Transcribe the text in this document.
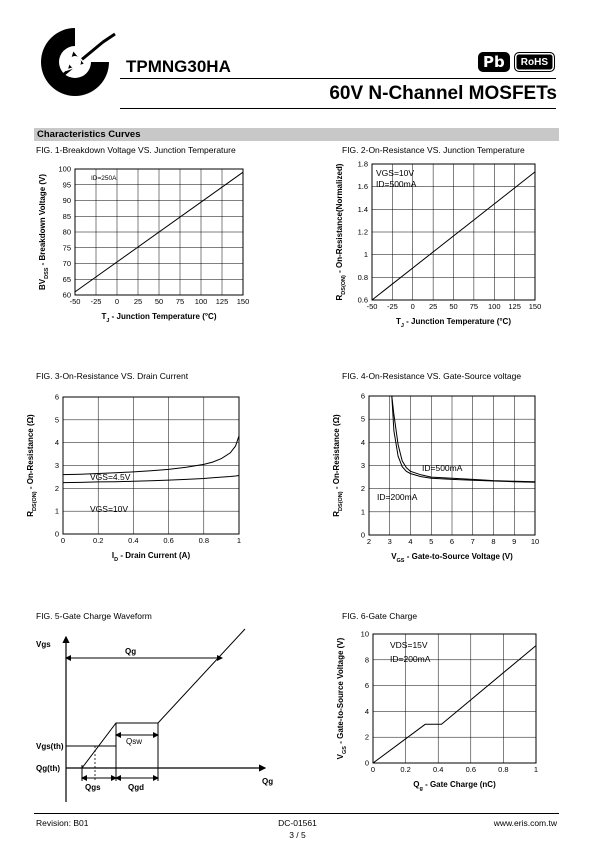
TPMNG30HA	Pb	RoHS
60V N-Channel MOSFETs
Characteristics Curves
FIG. 1-Breakdown Voltage VS. Junction Temperature	FIG. 2-On-Resistance VS. Junction Temperature
FIG. 3-On-Resistance VS. Drain Current	FIG. 4-On-Resistance VS. Gate-Source voltage
FIG. 5-Gate Charge Waveform	FIG. 6-Gate Charge
-50 -25 0 25 50 75 100 125 150
60
65
70
75
80
85
90
95
100
$T_J$ - Junction Temperature (°C)
$BV_{DSS}$ - Breakdown Voltage (V)
-50 -25 0 25 50 75 100 125 150
0.6
0.8
1
1.2
1.4
1.6
1.8
$T_J$ - Junction Temperature (°C)
$R_{DS(ON)}$ - On-Resistance(Normalized)
0	0.2	0.4	0.6	0.8	1
0
1
2
3
4
5
6
$I_D$ - Drain Current (A)
$R_{DS(ON)}$ - On-Resistance (Ω)
2 3 4 5 6 7 8 9 10
0
1
2
3
4
5
6
$V_{GS}$ - Gate-to-Source Voltage (V)
$R_{DS(ON)}$ - On-Resistance (Ω)
0	0.2	0.4	0.6	0.8	1
0
2
4
6
8
10
$Q_g$ - Gate Charge (nC)
$V_{GS}$ - Gate-to-Source Voltage (V)
ID=250A
VGS=10V
ID=500mA
VGS=4.5V
VGS=10V
ID=500mA
ID=200mA
VDS=15V
ID=200mA
Vgs
Qg
Qsw
Vgs(th)
Qg(th)
Qgs	Qgd
Qg
Revision: B01	DC-01561
3 / 5
www.eris.com.tw
